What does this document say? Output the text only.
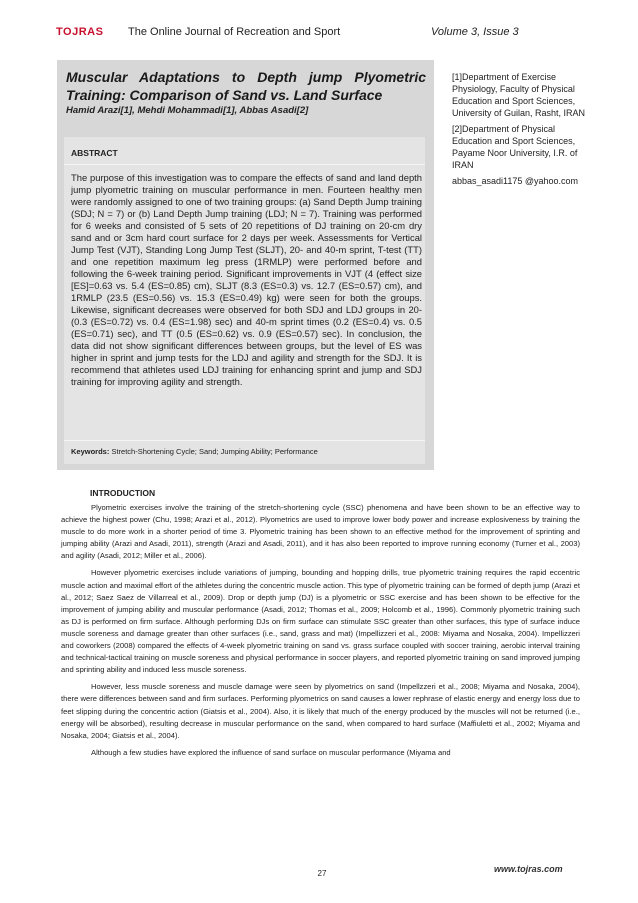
TOJRAS The Online Journal of Recreation and Sport	Volume 3, Issue 3
Muscular Adaptations to Depth jump Plyometric Training: Comparison of Sand vs. Land Surface
Hamid Arazi[1], Mehdi Mohammadi[1], Abbas Asadi[2]
ABSTRACT
The purpose of this investigation was to compare the effects of sand and land depth jump plyometric training on muscular performance in men. Fourteen healthy men were randomly assigned to one of two training groups: (a) Sand Depth Jump training (SDJ; N = 7) or (b) Land Depth Jump training (LDJ; N = 7). Training was performed for 6 weeks and consisted of 5 sets of 20 repetitions of DJ training on 20-cm dry sand and or 3cm hard court surface for 2 days per week. Assessments for Vertical Jump Test (VJT), Standing Long Jump Test (SLJT), 20- and 40-m sprint, T-test (TT) and one repetition maximum leg press (1RMLP) were performed before and following the 6-week training period. Significant improvements in VJT (4 (effect size [ES]=0.63 vs. 5.4 (ES=0.85) cm), SLJT (8.3 (ES=0.3) vs. 12.7 (ES=0.57) cm), and 1RMLP (23.5 (ES=0.56) vs. 15.3 (ES=0.49) kg) were seen for both the groups. Likewise, significant decreases were observed for both SDJ and LDJ groups in 20- (0.3 (ES=0.72) vs. 0.4 (ES=1.98) sec) and 40-m sprint times (0.2 (ES=0.4) vs. 0.5 (ES=0.71) sec), and TT (0.5 (ES=0.62) vs. 0.9 (ES=0.57) sec). In conclusion, the data did not show significant differences between groups, but the level of ES was higher in sprint and jump tests for the LDJ and agility and strength for the SDJ. It is recommend that athletes used LDJ training for enhancing sprint and jump and SDJ training for improving agility and strength.
Keywords: Stretch-Shortening Cycle; Sand; Jumping Ability; Performance

[1]Department of Exercise Physiology, Faculty of Physical Education and Sport Sciences, University of Guilan, Rasht, IRAN

[2]Department of Physical Education and Sport Sciences, Payame Noor University, I.R. of IRAN

abbas_asadi1175 @yahoo.com

INTRODUCTION

Plyometric exercises involve the training of the stretch-shortening cycle (SSC) phenomena and have been shown to be an effective way to achieve the highest power (Chu, 1998; Arazi et al., 2012). Plyometrics are used to improve lower body power and increase explosiveness by training the muscle to do more work in a shorter period of time 3. Plyometric training has been shown to an effective method for the improvement of sprinting and jumping ability (Arazi and Asadi, 2011), strength (Arazi and Asadi, 2011), and it has also been reported to improve running economy (Turner et al., 2003) and agility (Asadi, 2012; Miller et al., 2006).

However plyometric exercises include variations of jumping, bounding and hopping drills, true plyometric training requires the rapid eccentric muscle action and maximal effort of the athletes during the concentric muscle action. This type of plyometric training can be formed of depth jump (Arazi et al., 2012; Saez Saez de Villarreal et al., 2009). Drop or depth jump (DJ) is a plyometric or SSC exercise and has been shown to be effective for the improvement of jumping ability and muscular performance (Asadi, 2012; Thomas et al., 2009; Holcomb et al., 1996). Commonly plyometric training such as DJ is performed on firm surface. Although performing DJs on firm surface can stimulate SSC greater than other surfaces, this type of surface induce muscle soreness and damage greater than other surfaces (i.e., sand, grass and mat) (Impellizzeri et al., 2008: Miyama and Nosaka, 2004). Impellizzeri and coworkers (2008) compared the effects of 4-week plyometric training on sand vs. grass surface coupled with soccer training, aerobic interval training and technical-tactical training on muscle soreness and physical performance in soccer players, and reported plyometric training on sand improved jumping and sprinting ability and induced less muscle soreness.

However, less muscle soreness and muscle damage were seen by plyometrics on sand (Impellzzeri et al., 2008; Miyama and Nosaka, 2004), there were differences between sand and firm surfaces. Performing plyometrics on sand causes a lower rephrase of elastic energy and energy loss due to feet slipping during the concentric action (Giatsis et al., 2004). Also, it is likely that much of the energy produced by the muscles will not be returned (i.e., energy will be absorbed), resulting decrease in muscular performance on the sand, when compared to hard surface (Maffiuletti et al., 2002; Miyama and Nosaka, 2004; Giatsis et al., 2004).

Although a few studies have explored the influence of sand surface on muscular performance (Miyama and

27	www.tojras.com
